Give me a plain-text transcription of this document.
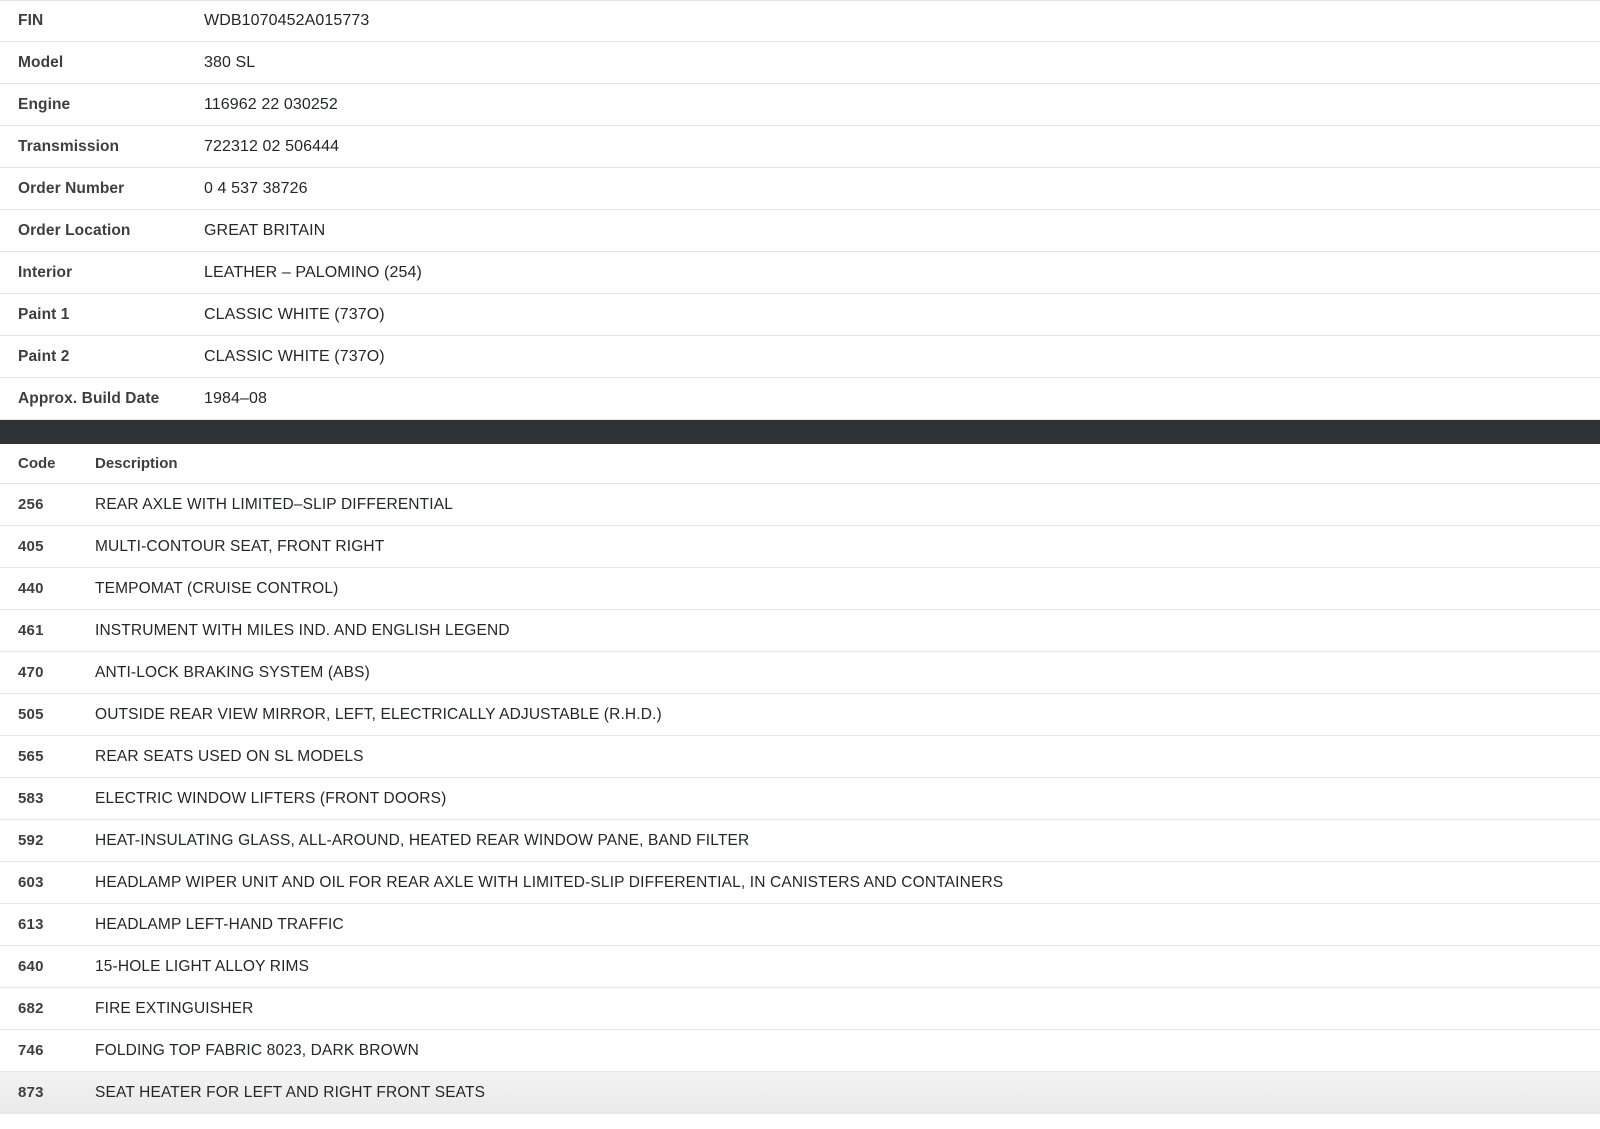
FIN	WDB1070452A015773
Model	380 SL
Engine	116962 22 030252
Transmission	722312 02 506444
Order Number	0 4 537 38726
Order Location	GREAT BRITAIN
Interior	LEATHER – PALOMINO (254)
Paint 1	CLASSIC WHITE (737O)
Paint 2	CLASSIC WHITE (737O)
Approx. Build Date	1984–08
Code	Description
256	REAR AXLE WITH LIMITED–SLIP DIFFERENTIAL
405	MULTI-CONTOUR SEAT, FRONT RIGHT
440	TEMPOMAT (CRUISE CONTROL)
461	INSTRUMENT WITH MILES IND. AND ENGLISH LEGEND
470	ANTI-LOCK BRAKING SYSTEM (ABS)
505	OUTSIDE REAR VIEW MIRROR, LEFT, ELECTRICALLY ADJUSTABLE (R.H.D.)
565	REAR SEATS USED ON SL MODELS
583	ELECTRIC WINDOW LIFTERS (FRONT DOORS)
592	HEAT-INSULATING GLASS, ALL-AROUND, HEATED REAR WINDOW PANE, BAND FILTER
603	HEADLAMP WIPER UNIT AND OIL FOR REAR AXLE WITH LIMITED-SLIP DIFFERENTIAL, IN CANISTERS AND CONTAINERS
613	HEADLAMP LEFT-HAND TRAFFIC
640	15-HOLE LIGHT ALLOY RIMS
682	FIRE EXTINGUISHER
746	FOLDING TOP FABRIC 8023, DARK BROWN
873	SEAT HEATER FOR LEFT AND RIGHT FRONT SEATS
